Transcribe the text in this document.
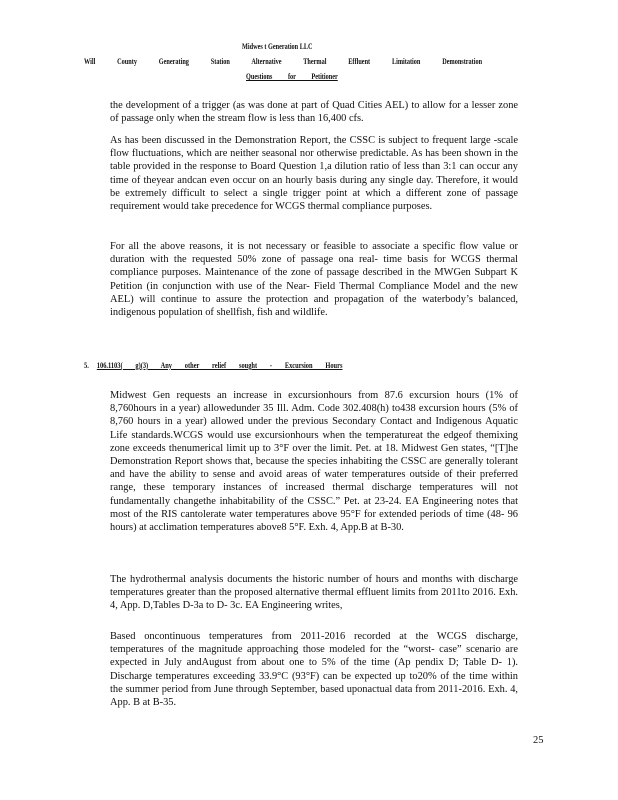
Midwes t Generation LLC
Will County Generating Station Alternative Thermal Effluent Limitation Demonstration
Questions for Petitioner
the development of a trigger (as was done at part of Quad Cities AEL) to allow for a lesser zone of passage only when the stream flow is less than 16,400 cfs.
As has been discussed in the Demonstration Report, the CSSC is subject to frequent large -scale flow fluctuations, which are neither seasonal nor otherwise predictable. As has been shown in the table provided in the response to Board Question 1,a dilution ratio of less than 3:1 can occur any time of theyear andcan even occur on an hourly basis during any single day. Therefore, it would be extremely difficult to select a single trigger point at which a different zone of passage requirement would take precedence for WCGS thermal compliance purposes.
For all the above reasons, it is not necessary or feasible to associate a specific flow value or duration with the requested 50% zone of passage ona real- time basis for WCGS thermal compliance purposes. Maintenance of the zone of passage described in the MWGen Subpart K Petition (in conjunction with use of the Near- Field Thermal Compliance Model and the new AEL) will continue to assure the protection and propagation of the waterbody’s balanced, indigenous population of shellfish, fish and wildlife.
5. 106.1103( g)(3) Any other relief sought - Excursion Hours
Midwest Gen requests an increase in excursionhours from 87.6 excursion hours (1% of 8,760hours in a year) allowedunder 35 Ill. Adm. Code 302.408(h) to438 excursion hours (5% of 8,760 hours in a year) allowed under the previous Secondary Contact and Indigenous Aquatic Life standards.WCGS would use excursionhours when the temperatureat the edgeof themixing zone exceeds thenumerical limit up to 3°F over the limit. Pet. at 18. Midwest Gen states, “[T]he Demonstration Report shows that, because the species inhabiting the CSSC are generally tolerant and have the ability to sense and avoid areas of water temperatures outside of their preferred range, these temporary instances of increased thermal discharge temperatures will not fundamentally changethe inhabitability of the CSSC.” Pet. at 23-24. EA Engineering notes that most of the RIS cantolerate water temperatures above 95°F for extended periods of time (48- 96 hours) at acclimation temperatures above8 5°F. Exh. 4, App.B at B-30.
The hydrothermal analysis documents the historic number of hours and months with discharge temperatures greater than the proposed alternative thermal effluent limits from 2011to 2016. Exh. 4, App. D,Tables D-3a to D- 3c. EA Engineering writes,
Based oncontinuous temperatures from 2011-2016 recorded at the WCGS discharge, temperatures of the magnitude approaching those modeled for the “worst- case” scenario are expected in July andAugust from about one to 5% of the time (Ap pendix D; Table D- 1). Discharge temperatures exceeding 33.9°C (93°F) can be expected up to20% of the time within the summer period from June through September, based uponactual data from 2011-2016. Exh. 4, App. B at B-35.
25
